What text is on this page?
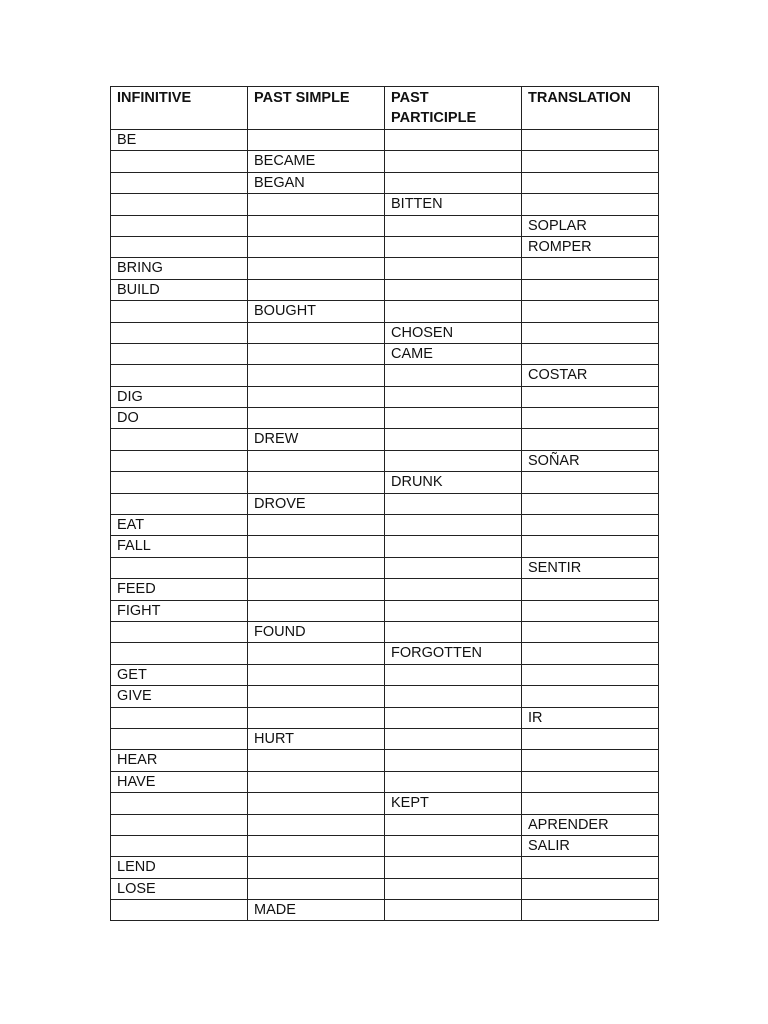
INFINITIVE	PAST SIMPLE	PAST PARTICIPLE	TRANSLATION
BE			
	BECAME		
	BEGAN		
		BITTEN	
			SOPLAR
			ROMPER
BRING			
BUILD			
	BOUGHT		
		CHOSEN	
		CAME	
			COSTAR
DIG			
DO			
	DREW		
			SOÑAR
		DRUNK	
	DROVE		
EAT			
FALL			
			SENTIR
FEED			
FIGHT			
	FOUND		
		FORGOTTEN	
GET			
GIVE			
			IR
	HURT		
HEAR			
HAVE			
		KEPT	
			APRENDER
			SALIR
LEND			
LOSE			
	MADE		
